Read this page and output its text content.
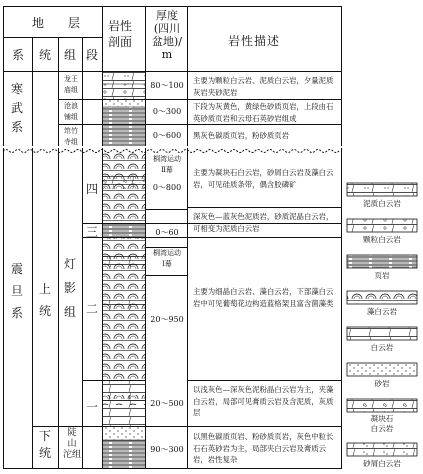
地　层
系 统 组 段
岩性
剖面
厚度
(四川
盆地)/
m
岩性描述
寒
武
系
震
旦
系
上
统
下
统
龙王
庙组
沧浪
铺组
筇竹
寺组
灯
影
组
陡
山
沱组
四
三
二
一
80～100
0～300
0～600
桐湾运动
Ⅱ幕
0～800
0～60
桐湾运动
Ⅰ幕
20～950
20～500
90～300
主要为颗粒白云岩、泥质白云岩，夕量泥质灰岩夹砂泥岩
下段为灰黄色，黄绿色砂质页岩，上段由石英砂质页岩和云母石英砂岩组成
黑灰色碳质页岩，粉砂质页岩
主要为凝块石白云岩，砂屑白云岩及藻白云岩，可见硅质条带，偶含胶磷矿
深灰色—蓝灰色泥质岩，砂质泥晶白云岩，可相变为泥质白云岩
主要为细晶白云岩、藻白云岩，下部藻白云岩中可见葡萄花边构造蓝格架且富含菌藻类
以浅灰色—深灰色泥粉晶白云岩为主，夹藻白云岩，局部可见膏质云岩及含泥质，灰质层
以黑色碳质页岩、粉砂质页岩，灰色中粒长石石英砂岩为主，局部夹白云岩及膏质云岩，岩性复杂
泥质白云岩
颗粒白云岩
页岩
藻白云岩
白云岩
砂岩
凝块石
白云岩
砂屑白云岩
